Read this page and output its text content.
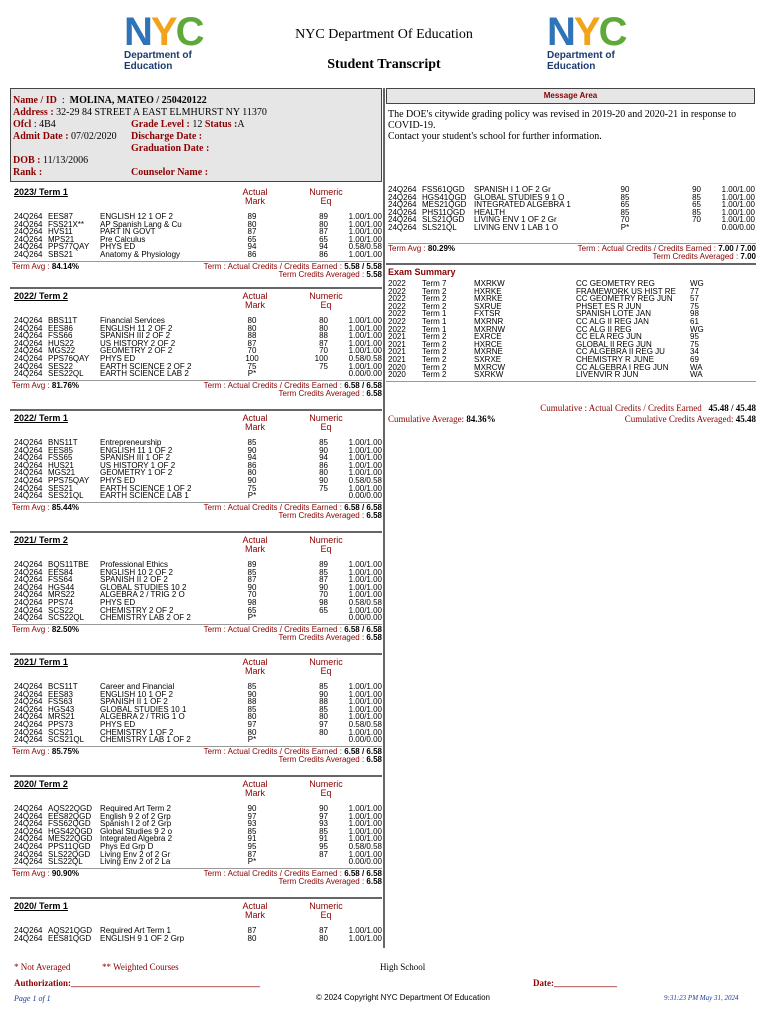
NYC
Department of
Education
NYC
Department of
Education
NYC Department Of Education
Student Transcript
Name / ID  :  MOLINA, MATEO / 250420122
Address : 32-29 84 STREET A EAST ELMHURST NY 11370
Ofcl : 4B4	Grade Level : 12 Status :A
Admit Date : 07/02/2020 Discharge Date :
Graduation Date :
DOB : 11/13/2006
Rank :	Counselor Name :
Message Area
The DOE's citywide grading policy was revised in 2019-20 and 2020-21 in response to
COVID-19.
Contact your student's school for further information.
2023/ Term 1	Actual
Mark
Numeric
Eq
24Q264 EES87	ENGLISH 12 1 OF 2	89	89	1.00/1.00
24Q264 FSS21X** AP Spanish Lang & Cu	80	80	1.00/1.00
24Q264 HVS11	PART IN GOVT	87	87	1.00/1.00
24Q264 MPS21	Pre Calculus	65	65	1.00/1.00
24Q264 PPS77QAY PHYS ED	94	94	0.58/0.58
24Q264 SBS21	Anatomy & Physiology	86	86	1.00/1.00
Term Avg : 84.14%	Term : Actual Credits / Credits Earned : 5.58 / 5.58
Term Credits Averaged : 5.58
2022/ Term 2	Actual
Mark
Numeric
Eq
24Q264 BBS11T	Financial Services	80	80	1.00/1.00
24Q264 EES86	ENGLISH 11 2 OF 2	80	80	1.00/1.00
24Q264 FSS66	SPANISH III 2 OF 2	88	88	1.00/1.00
24Q264 HUS22	US HISTORY 2 OF 2	87	87	1.00/1.00
24Q264 MGS22	GEOMETRY 2 OF 2	70	70	1.00/1.00
24Q264 PPS76QAY PHYS ED	100	100	0.58/0.58
24Q264 SES22	EARTH SCIENCE 2 OF 2	75	75	1.00/1.00
24Q264 SES22QL EARTH SCIENCE LAB 2	P*	0.00/0.00
Term Avg : 81.76%	Term : Actual Credits / Credits Earned : 6.58 / 6.58
Term Credits Averaged : 6.58
2022/ Term 1	Actual
Mark
Numeric
Eq
24Q264 BNS11T	Entrepreneurship	85	85	1.00/1.00
24Q264 EES85	ENGLISH 11 1 OF 2	90	90	1.00/1.00
24Q264 FSS65	SPANISH III 1 OF 2	94	94	1.00/1.00
24Q264 HUS21	US HISTORY 1 OF 2	86	86	1.00/1.00
24Q264 MGS21	GEOMETRY 1 OF 2	80	80	1.00/1.00
24Q264 PPS75QAY PHYS ED	90	90	0.58/0.58
24Q264 SES21	EARTH SCIENCE 1 OF 2	75	75	1.00/1.00
24Q264 SES21QL EARTH SCIENCE LAB 1	P*	0.00/0.00
Term Avg : 85.44%	Term : Actual Credits / Credits Earned : 6.58 / 6.58
Term Credits Averaged : 6.58
2021/ Term 2	Actual
Mark
Numeric
Eq
24Q264 BQS11TBE Professional Ethics	89	89	1.00/1.00
24Q264 EES84	ENGLISH 10 2 OF 2	85	85	1.00/1.00
24Q264 FSS64	SPANISH II 2 OF 2	87	87	1.00/1.00
24Q264 HGS44	GLOBAL STUDIES 10 2	90	90	1.00/1.00
24Q264 MRS22	ALGEBRA 2 / TRIG 2 O	70	70	1.00/1.00
24Q264 PPS74	PHYS ED	98	98	0.58/0.58
24Q264 SCS22	CHEMISTRY 2 OF 2	65	65	1.00/1.00
24Q264 SCS22QL CHEMISTRY LAB 2 OF 2	P*	0.00/0.00
Term Avg : 82.50%	Term : Actual Credits / Credits Earned : 6.58 / 6.58
Term Credits Averaged : 6.58
2021/ Term 1	Actual
Mark
Numeric
Eq
24Q264 BCS11T	Career and Financial	85	85	1.00/1.00
24Q264 EES83	ENGLISH 10 1 OF 2	90	90	1.00/1.00
24Q264 FSS63	SPANISH II 1 OF 2	88	88	1.00/1.00
24Q264 HGS43	GLOBAL STUDIES 10 1	85	85	1.00/1.00
24Q264 MRS21	ALGEBRA 2 / TRIG 1 O	80	80	1.00/1.00
24Q264 PPS73	PHYS ED	97	97	0.58/0.58
24Q264 SCS21	CHEMISTRY 1 OF 2	80	80	1.00/1.00
24Q264 SCS21QL CHEMISTRY LAB 1 OF 2	P*	0.00/0.00
Term Avg : 85.75%	Term : Actual Credits / Credits Earned : 6.58 / 6.58
Term Credits Averaged : 6.58
2020/ Term 2	Actual
Mark
Numeric
Eq
24Q264 AQS22QGD Required Art Term 2	90	90	1.00/1.00
24Q264 EES82QGD English 9 2 of 2 Grp	97	97	1.00/1.00
24Q264 FSS62QGD Spanish I 2 of 2 Grp	93	93	1.00/1.00
24Q264 HGS42QGD Global Studies 9 2 o	85	85	1.00/1.00
24Q264 MES22QGD Integrated Algebra 2	91	91	1.00/1.00
24Q264 PPS11QGD Phys Ed Grp D	95	95	0.58/0.58
24Q264 SLS22QGD Living Env 2 of 2 Gr	87	87	1.00/1.00
24Q264 SLS22QL Living Env 2 of 2 La	P*	0.00/0.00
Term Avg : 90.90%	Term : Actual Credits / Credits Earned : 6.58 / 6.58
Term Credits Averaged : 6.58
2020/ Term 1	Actual
Mark
Numeric
Eq
24Q264 AQS21QGD Required Art Term 1	87	87	1.00/1.00
24Q264 EES81QGD ENGLISH 9 1 OF 2 Grp	80	80	1.00/1.00
24Q264 FSS61QGD SPANISH I 1 OF 2 Gr	90	90	1.00/1.00
24Q264 HGS41QGD GLOBAL STUDIES 9 1 O	85	85	1.00/1.00
24Q264 MES21QGD INTEGRATED ALGEBRA 1	65	65	1.00/1.00
24Q264 PHS11QGD HEALTH	85	85	1.00/1.00
24Q264 SLS21QGD LIVING ENV 1 OF 2 Gr	70	70	1.00/1.00
24Q264 SLS21QL LIVING ENV 1 LAB 1 O	P*	0.00/0.00
Term Avg : 80.29%	Term : Actual Credits / Credits Earned : 7.00 / 7.00
Term Credits Averaged : 7.00
Exam Summary
2022 Term 7	MXRKW	CC GEOMETRY REG	WG
2022 Term 2	HXRKE	FRAMEWORK US HIST RE 77
2022 Term 2	MXRKE	CC GEOMETRY REG JUN 57
2022 Term 2	SXRUE	PHSET ES R JUN	75
2022 Term 1	FXTSR	SPANISH LOTE JAN	98
2022 Term 1	MXRNR	CC ALG II REG JAN	61
2022 Term 1	MXRNW	CC ALG II REG	WG
2021 Term 2	EXRCE	CC ELA REG JUN	95
2021 Term 2	HXRCE	GLOBAL II REG JUN	75
2021 Term 2	MXRNE	CC ALGEBRA II REG JU	34
2021 Term 2	SXRXE	CHEMISTRY R JUNE	69
2020 Term 2	MXRCW	CC ALGEBRA I REG JUN	WA
2020 Term 2	SXRKW	LIVENVIR R JUN	WA
Cumulative : Actual Credits / Credits Earned 45.48 / 45.48
Cumulative Average: 84.36%	Cumulative Credits Averaged: 45.48
* Not Averaged	** Weighted Courses	High School
Authorization:__________________________________________	Date:______________
Page 1 of 1	© 2024 Copyright NYC Department Of Education	9:31:23 PM May 31, 2024
